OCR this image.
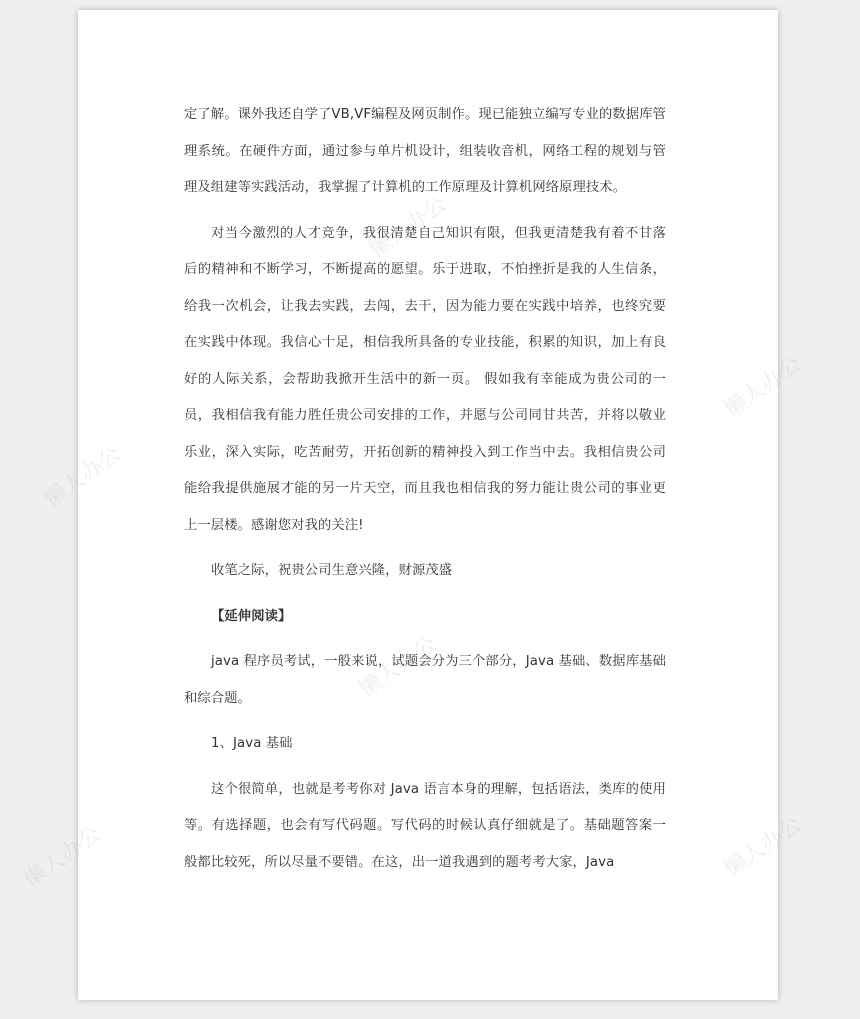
懒人办公
懒人办公
懒人办公
懒人办公
懒人办公
懒人办公

定了解。课外我还自学了VB,VF编程及网页制作。现已能独立编写专业的数据库管理系统。在硬件方面，通过参与单片机设计，组装收音机，网络工程的规划与管理及组建等实践活动，我掌握了计算机的工作原理及计算机网络原理技术。

对当今激烈的人才竞争，我很清楚自己知识有限，但我更清楚我有着不甘落后的精神和不断学习，不断提高的愿望。乐于进取，不怕挫折是我的人生信条，给我一次机会，让我去实践，去闯，去干，因为能力要在实践中培养，也终究要在实践中体现。我信心十足，相信我所具备的专业技能，积累的知识，加上有良好的人际关系，会帮助我掀开生活中的新一页。 假如我有幸能成为贵公司的一员，我相信我有能力胜任贵公司安排的工作，并愿与公司同甘共苦，并将以敬业乐业，深入实际，吃苦耐劳，开拓创新的精神投入到工作当中去。我相信贵公司能给我提供施展才能的另一片天空，而且我也相信我的努力能让贵公司的事业更上一层楼。感谢您对我的关注!

收笔之际，祝贵公司生意兴隆，财源茂盛

【延伸阅读】

java 程序员考试，一般来说，试题会分为三个部分，Java 基础、数据库基础和综合题。

1、Java 基础

这个很简单，也就是考考你对 Java 语言本身的理解，包括语法，类库的使用等。有选择题，也会有写代码题。写代码的时候认真仔细就是了。基础题答案一般都比较死，所以尽量不要错。在这，出一道我遇到的题考考大家，Java
